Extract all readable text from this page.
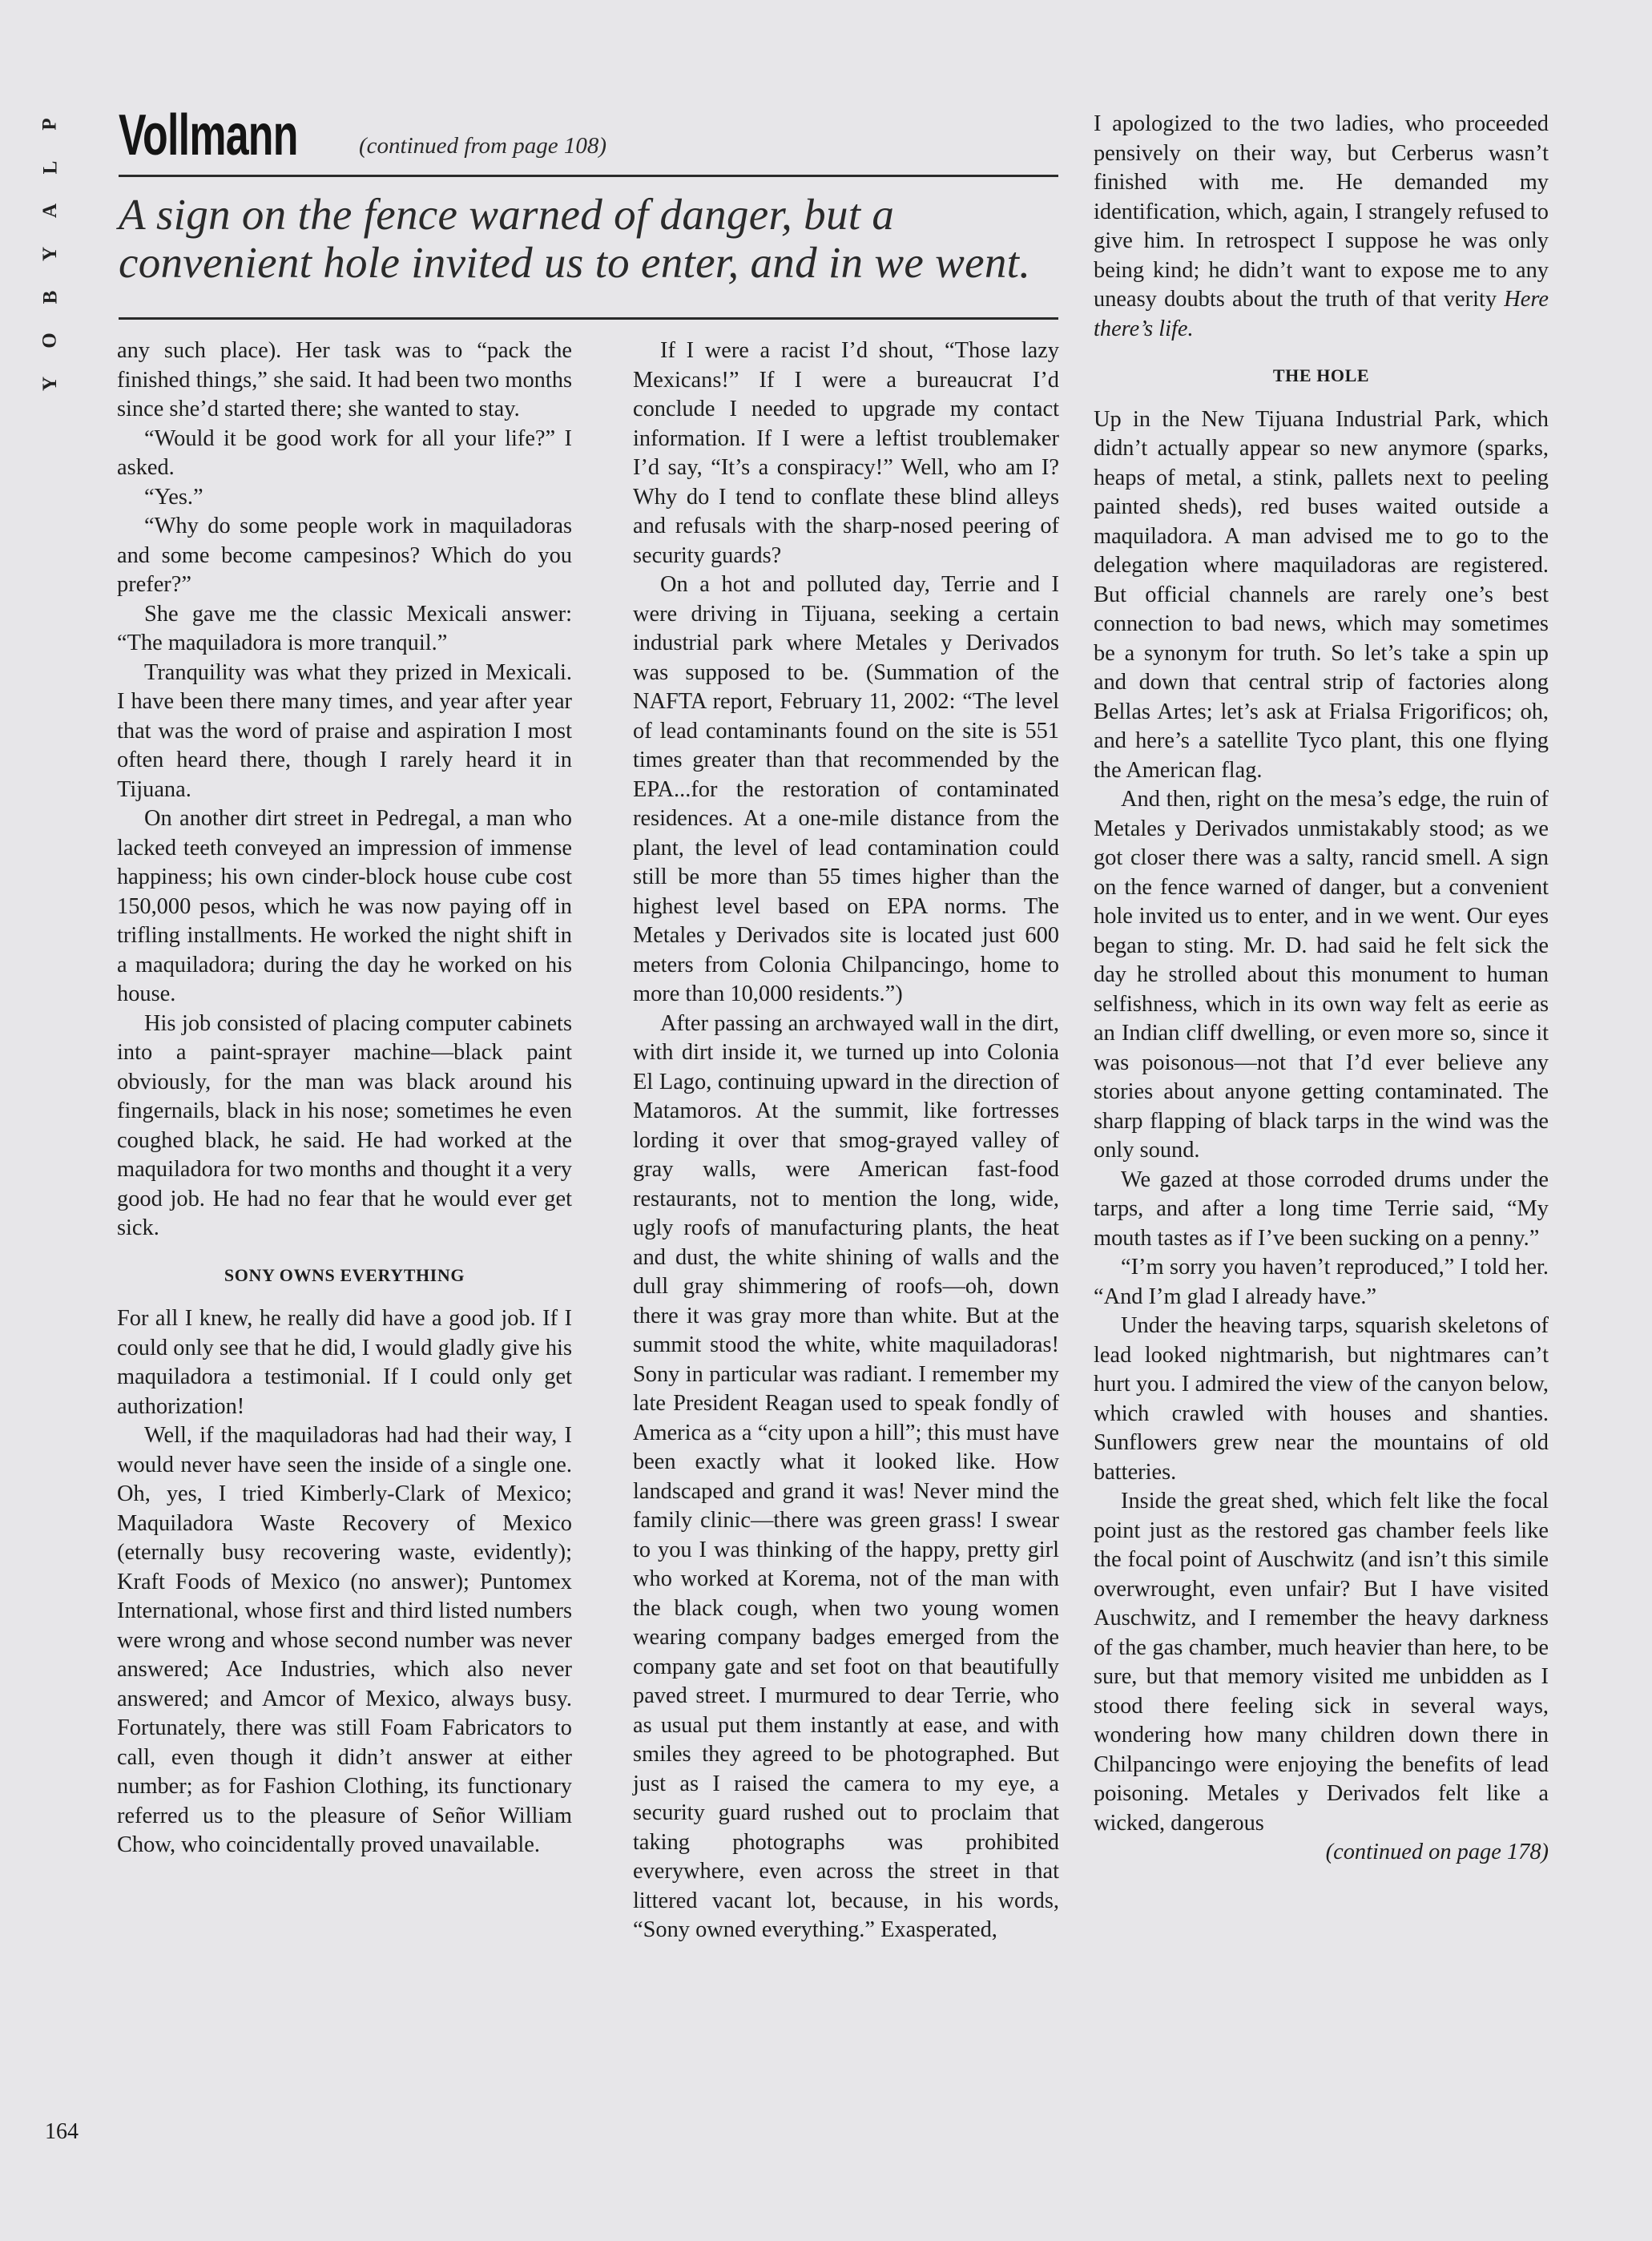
P
L
A
Y
B
O
Y
Vollmann	(continued from page 108)
A sign on the fence warned of danger, but a convenient hole invited us to enter, and in we went.

any such place). Her task was to “pack the finished things,” she said. It had been two months since she’d started there; she wanted to stay.

“Would it be good work for all your life?” I asked.

“Yes.”

“Why do some people work in maquiladoras and some become campesinos? Which do you prefer?”

She gave me the classic Mexicali answer: “The maquiladora is more tranquil.”

Tranquility was what they prized in Mexicali. I have been there many times, and year after year that was the word of praise and aspiration I most often heard there, though I rarely heard it in Tijuana.

On another dirt street in Pedregal, a man who lacked teeth conveyed an impression of immense happiness; his own cinder-block house cube cost 150,000 pesos, which he was now paying off in trifling installments. He worked the night shift in a maquiladora; during the day he worked on his house.

His job consisted of placing computer cabinets into a paint-sprayer machine—black paint obviously, for the man was black around his fingernails, black in his nose; sometimes he even coughed black, he said. He had worked at the maquiladora for two months and thought it a very good job. He had no fear that he would ever get sick.

SONY OWNS EVERYTHING

For all I knew, he really did have a good job. If I could only see that he did, I would gladly give his maquiladora a testimonial. If I could only get authorization!

Well, if the maquiladoras had had their way, I would never have seen the inside of a single one. Oh, yes, I tried Kimberly-Clark of Mexico; Maquiladora Waste Recovery of Mexico (eternally busy recovering waste, evidently); Kraft Foods of Mexico (no answer); Puntomex International, whose first and third listed numbers were wrong and whose second number was never answered; Ace Industries, which also never answered; and Amcor of Mexico, always busy. Fortunately, there was still Foam Fabricators to call, even though it didn’t answer at either number; as for Fashion Clothing, its functionary referred us to the pleasure of Señor William Chow, who coincidentally proved unavailable.

If I were a racist I’d shout, “Those lazy Mexicans!” If I were a bureaucrat I’d conclude I needed to upgrade my contact information. If I were a leftist troublemaker I’d say, “It’s a conspiracy!” Well, who am I? Why do I tend to conflate these blind alleys and refusals with the sharp-nosed peering of security guards?

On a hot and polluted day, Terrie and I were driving in Tijuana, seeking a certain industrial park where Metales y Derivados was supposed to be. (Summation of the NAFTA report, February 11, 2002: “The level of lead contaminants found on the site is 551 times greater than that recommended by the EPA...for the restoration of contaminated residences. At a one-mile distance from the plant, the level of lead contamination could still be more than 55 times higher than the highest level based on EPA norms. The Metales y Derivados site is located just 600 meters from Colonia Chilpancingo, home to more than 10,000 residents.”)

After passing an archwayed wall in the dirt, with dirt inside it, we turned up into Colonia El Lago, continuing upward in the direction of Matamoros. At the summit, like fortresses lording it over that smog-grayed valley of gray walls, were American fast-food restaurants, not to mention the long, wide, ugly roofs of manufacturing plants, the heat and dust, the white shining of walls and the dull gray shimmering of roofs—oh, down there it was gray more than white. But at the summit stood the white, white maquiladoras! Sony in particular was radiant. I remember my late President Reagan used to speak fondly of America as a “city upon a hill”; this must have been exactly what it looked like. How landscaped and grand it was! Never mind the family clinic—there was green grass! I swear to you I was thinking of the happy, pretty girl who worked at Korema, not of the man with the black cough, when two young women wearing company badges emerged from the company gate and set foot on that beautifully paved street. I murmured to dear Terrie, who as usual put them instantly at ease, and with smiles they agreed to be photographed. But just as I raised the camera to my eye, a security guard rushed out to proclaim that taking photographs was prohibited everywhere, even across the street in that littered vacant lot, because, in his words, “Sony owned everything.” Exasperated,

I apologized to the two ladies, who proceeded pensively on their way, but Cerberus wasn’t finished with me. He demanded my identification, which, again, I strangely refused to give him. In retrospect I suppose he was only being kind; he didn’t want to expose me to any uneasy doubts about the truth of that verity Here there’s life.

THE HOLE

Up in the New Tijuana Industrial Park, which didn’t actually appear so new anymore (sparks, heaps of metal, a stink, pallets next to peeling painted sheds), red buses waited outside a maquiladora. A man advised me to go to the delegation where maquiladoras are registered. But official channels are rarely one’s best connection to bad news, which may sometimes be a synonym for truth. So let’s take a spin up and down that central strip of factories along Bellas Artes; let’s ask at Frialsa Frigorificos; oh, and here’s a satellite Tyco plant, this one flying the American flag.

And then, right on the mesa’s edge, the ruin of Metales y Derivados unmistakably stood; as we got closer there was a salty, rancid smell. A sign on the fence warned of danger, but a convenient hole invited us to enter, and in we went. Our eyes began to sting. Mr. D. had said he felt sick the day he strolled about this monument to human selfishness, which in its own way felt as eerie as an Indian cliff dwelling, or even more so, since it was poisonous—not that I’d ever believe any stories about anyone getting contaminated. The sharp flapping of black tarps in the wind was the only sound.

We gazed at those corroded drums under the tarps, and after a long time Terrie said, “My mouth tastes as if I’ve been sucking on a penny.”

“I’m sorry you haven’t reproduced,” I told her. “And I’m glad I already have.”

Under the heaving tarps, squarish skeletons of lead looked nightmarish, but nightmares can’t hurt you. I admired the view of the canyon below, which crawled with houses and shanties. Sunflowers grew near the mountains of old batteries.

Inside the great shed, which felt like the focal point just as the restored gas chamber feels like the focal point of Auschwitz (and isn’t this simile overwrought, even unfair? But I have visited Auschwitz, and I remember the heavy darkness of the gas chamber, much heavier than here, to be sure, but that memory visited me unbidden as I stood there feeling sick in several ways, wondering how many children down there in Chilpancingo were enjoying the benefits of lead poisoning. Metales y Derivados felt like a wicked, dangerous

(continued on page 178)

164
